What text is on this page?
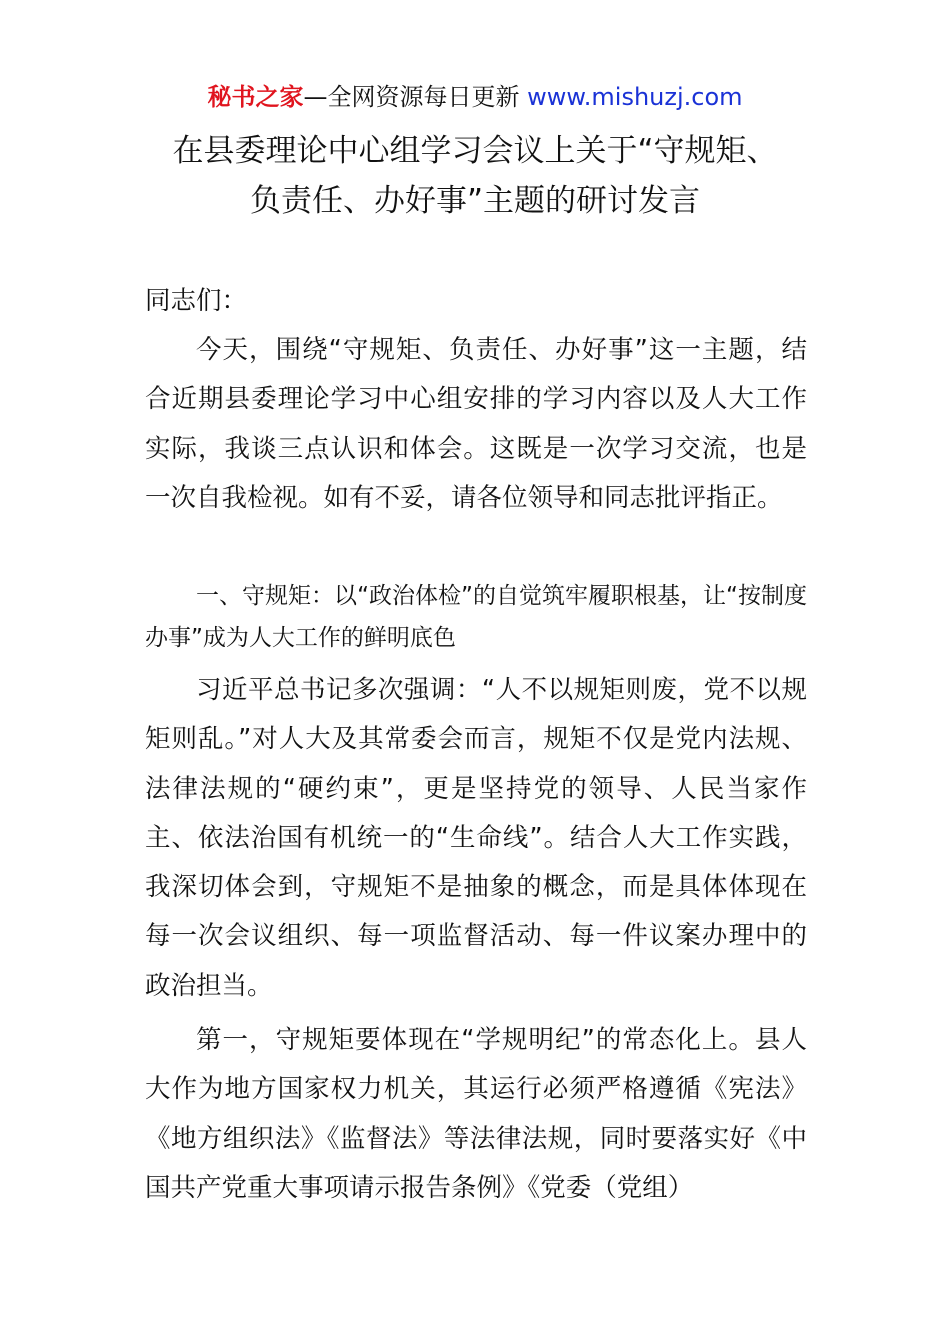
秘书之家—全网资源每日更新 www.mishuzj.com
在县委理论中心组学习会议上关于“守规矩、
负责任、办好事”主题的研讨发言

同志们：

今天，围绕“守规矩、负责任、办好事”这一主题，结合近期县委理论学习中心组安排的学习内容以及人大工作实际，我谈三点认识和体会。这既是一次学习交流，也是一次自我检视。如有不妥，请各位领导和同志批评指正。

一、守规矩：以“政治体检”的自觉筑牢履职根基，让“按制度办事”成为人大工作的鲜明底色

习近平总书记多次强调：“人不以规矩则废，党不以规矩则乱。”对人大及其常委会而言，规矩不仅是党内法规、法律法规的“硬约束”，更是坚持党的领导、人民当家作主、依法治国有机统一的“生命线”。结合人大工作实践，我深切体会到，守规矩不是抽象的概念，而是具体体现在每一次会议组织、每一项监督活动、每一件议案办理中的政治担当。

第一，守规矩要体现在“学规明纪”的常态化上。县人大作为地方国家权力机关，其运行必须严格遵循《宪法》《地方组织法》《监督法》等法律法规，同时要落实好《中国共产党重大事项请示报告条例》《党委（党组）
